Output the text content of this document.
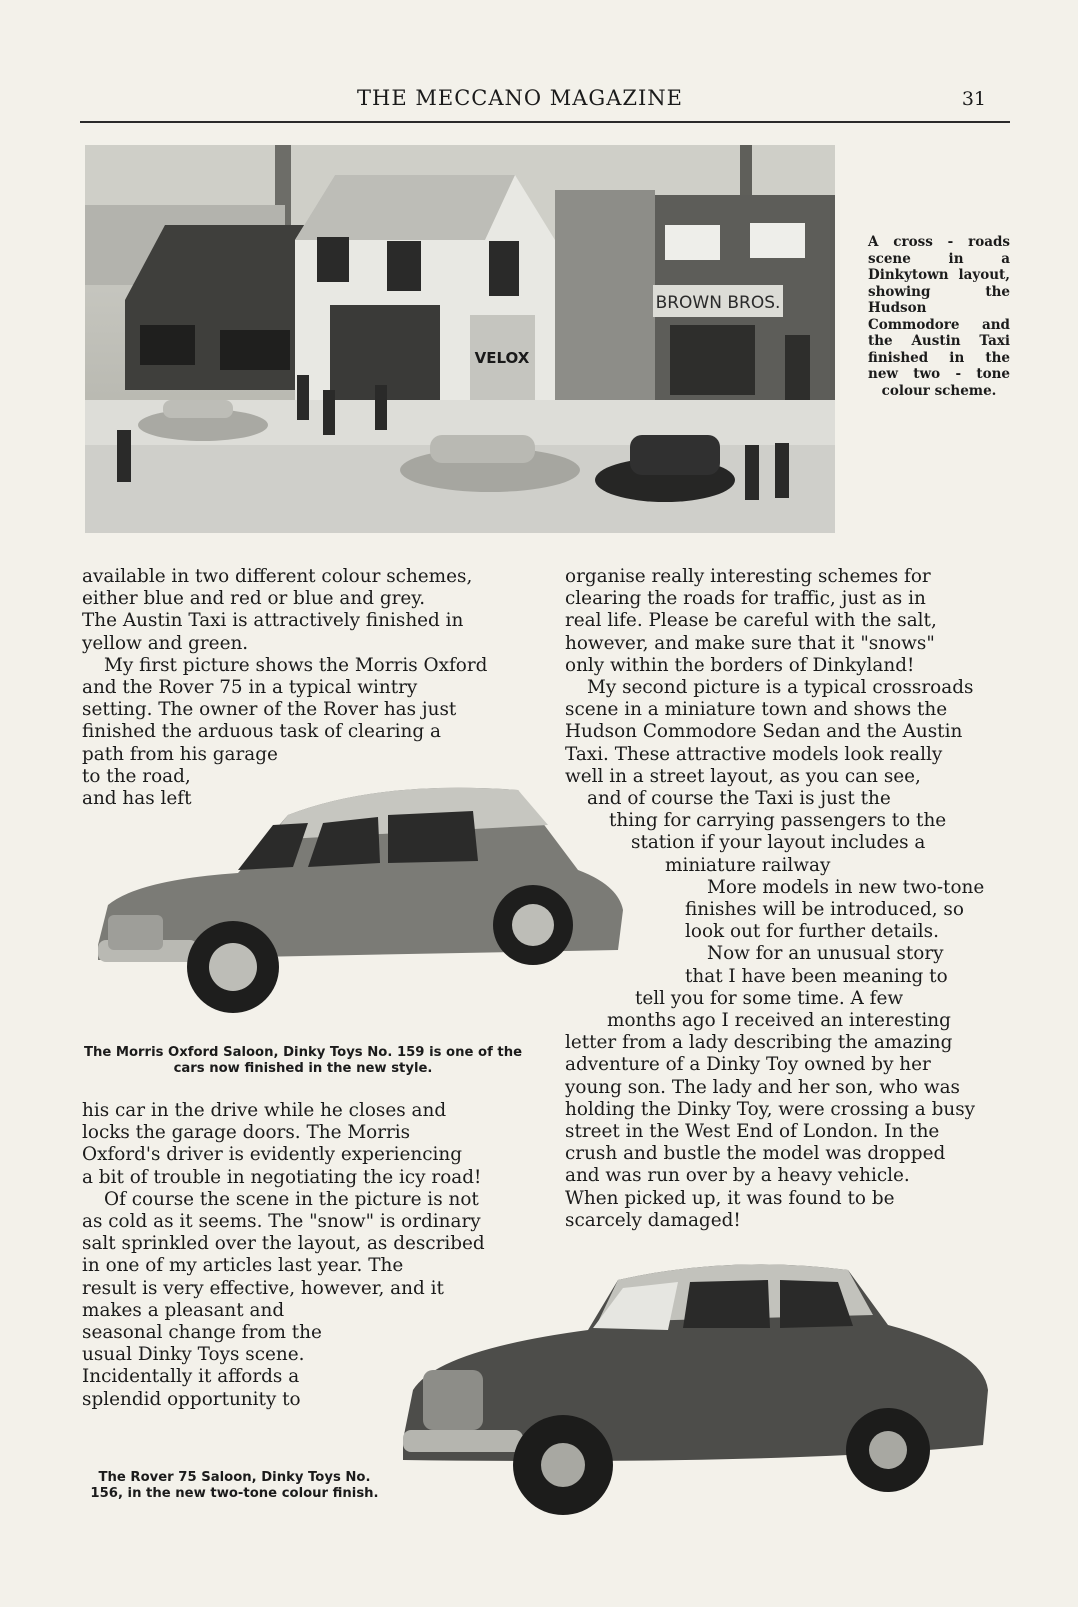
THE MECCANO MAGAZINE	31
VELOX
BROWN BROS.
A cross - roads scene in a Dinkytown layout, showing the Hudson Commodore and the Austin Taxi finished in the new two - tone colour scheme.
available in two different colour schemes,
either blue and red or blue and grey.
The Austin Taxi is attractively finished in
yellow and green.
My first picture shows the Morris Oxford
and the Rover 75 in a typical wintry
setting. The owner of the Rover has just
finished the arduous task of clearing a
path from his garage
to the road,
and has left
The Morris Oxford Saloon, Dinky Toys No. 159 is one of the cars now finished in the new style.
his car in the drive while he closes and
locks the garage doors. The Morris
Oxford's driver is evidently experiencing
a bit of trouble in negotiating the icy road!
Of course the scene in the picture is not
as cold as it seems. The "snow" is ordinary
salt sprinkled over the layout, as described
in one of my articles last year. The
result is very effective, however, and it
makes a pleasant and
seasonal change from the
usual Dinky Toys scene.
Incidentally it affords a
splendid opportunity to
organise really interesting schemes for
clearing the roads for traffic, just as in
real life. Please be careful with the salt,
however, and make sure that it "snows"
only within the borders of Dinkyland!
My second picture is a typical crossroads
scene in a miniature town and shows the
Hudson Commodore Sedan and the Austin
Taxi. These attractive models look really
well in a street layout, as you can see,
and of course the Taxi is just the
thing for carrying passengers to the
station if your layout includes a
miniature railway
More models in new two-tone
finishes will be introduced, so
look out for further details.
Now for an unusual story
that I have been meaning to
tell you for some time. A few
months ago I received an interesting
letter from a lady describing the amazing
adventure of a Dinky Toy owned by her
young son. The lady and her son, who was
holding the Dinky Toy, were crossing a busy
street in the West End of London. In the
crush and bustle the model was dropped
and was run over by a heavy vehicle.
When picked up, it was found to be
scarcely damaged!
The Rover 75 Saloon, Dinky Toys No. 156, in the new two-tone colour finish.
